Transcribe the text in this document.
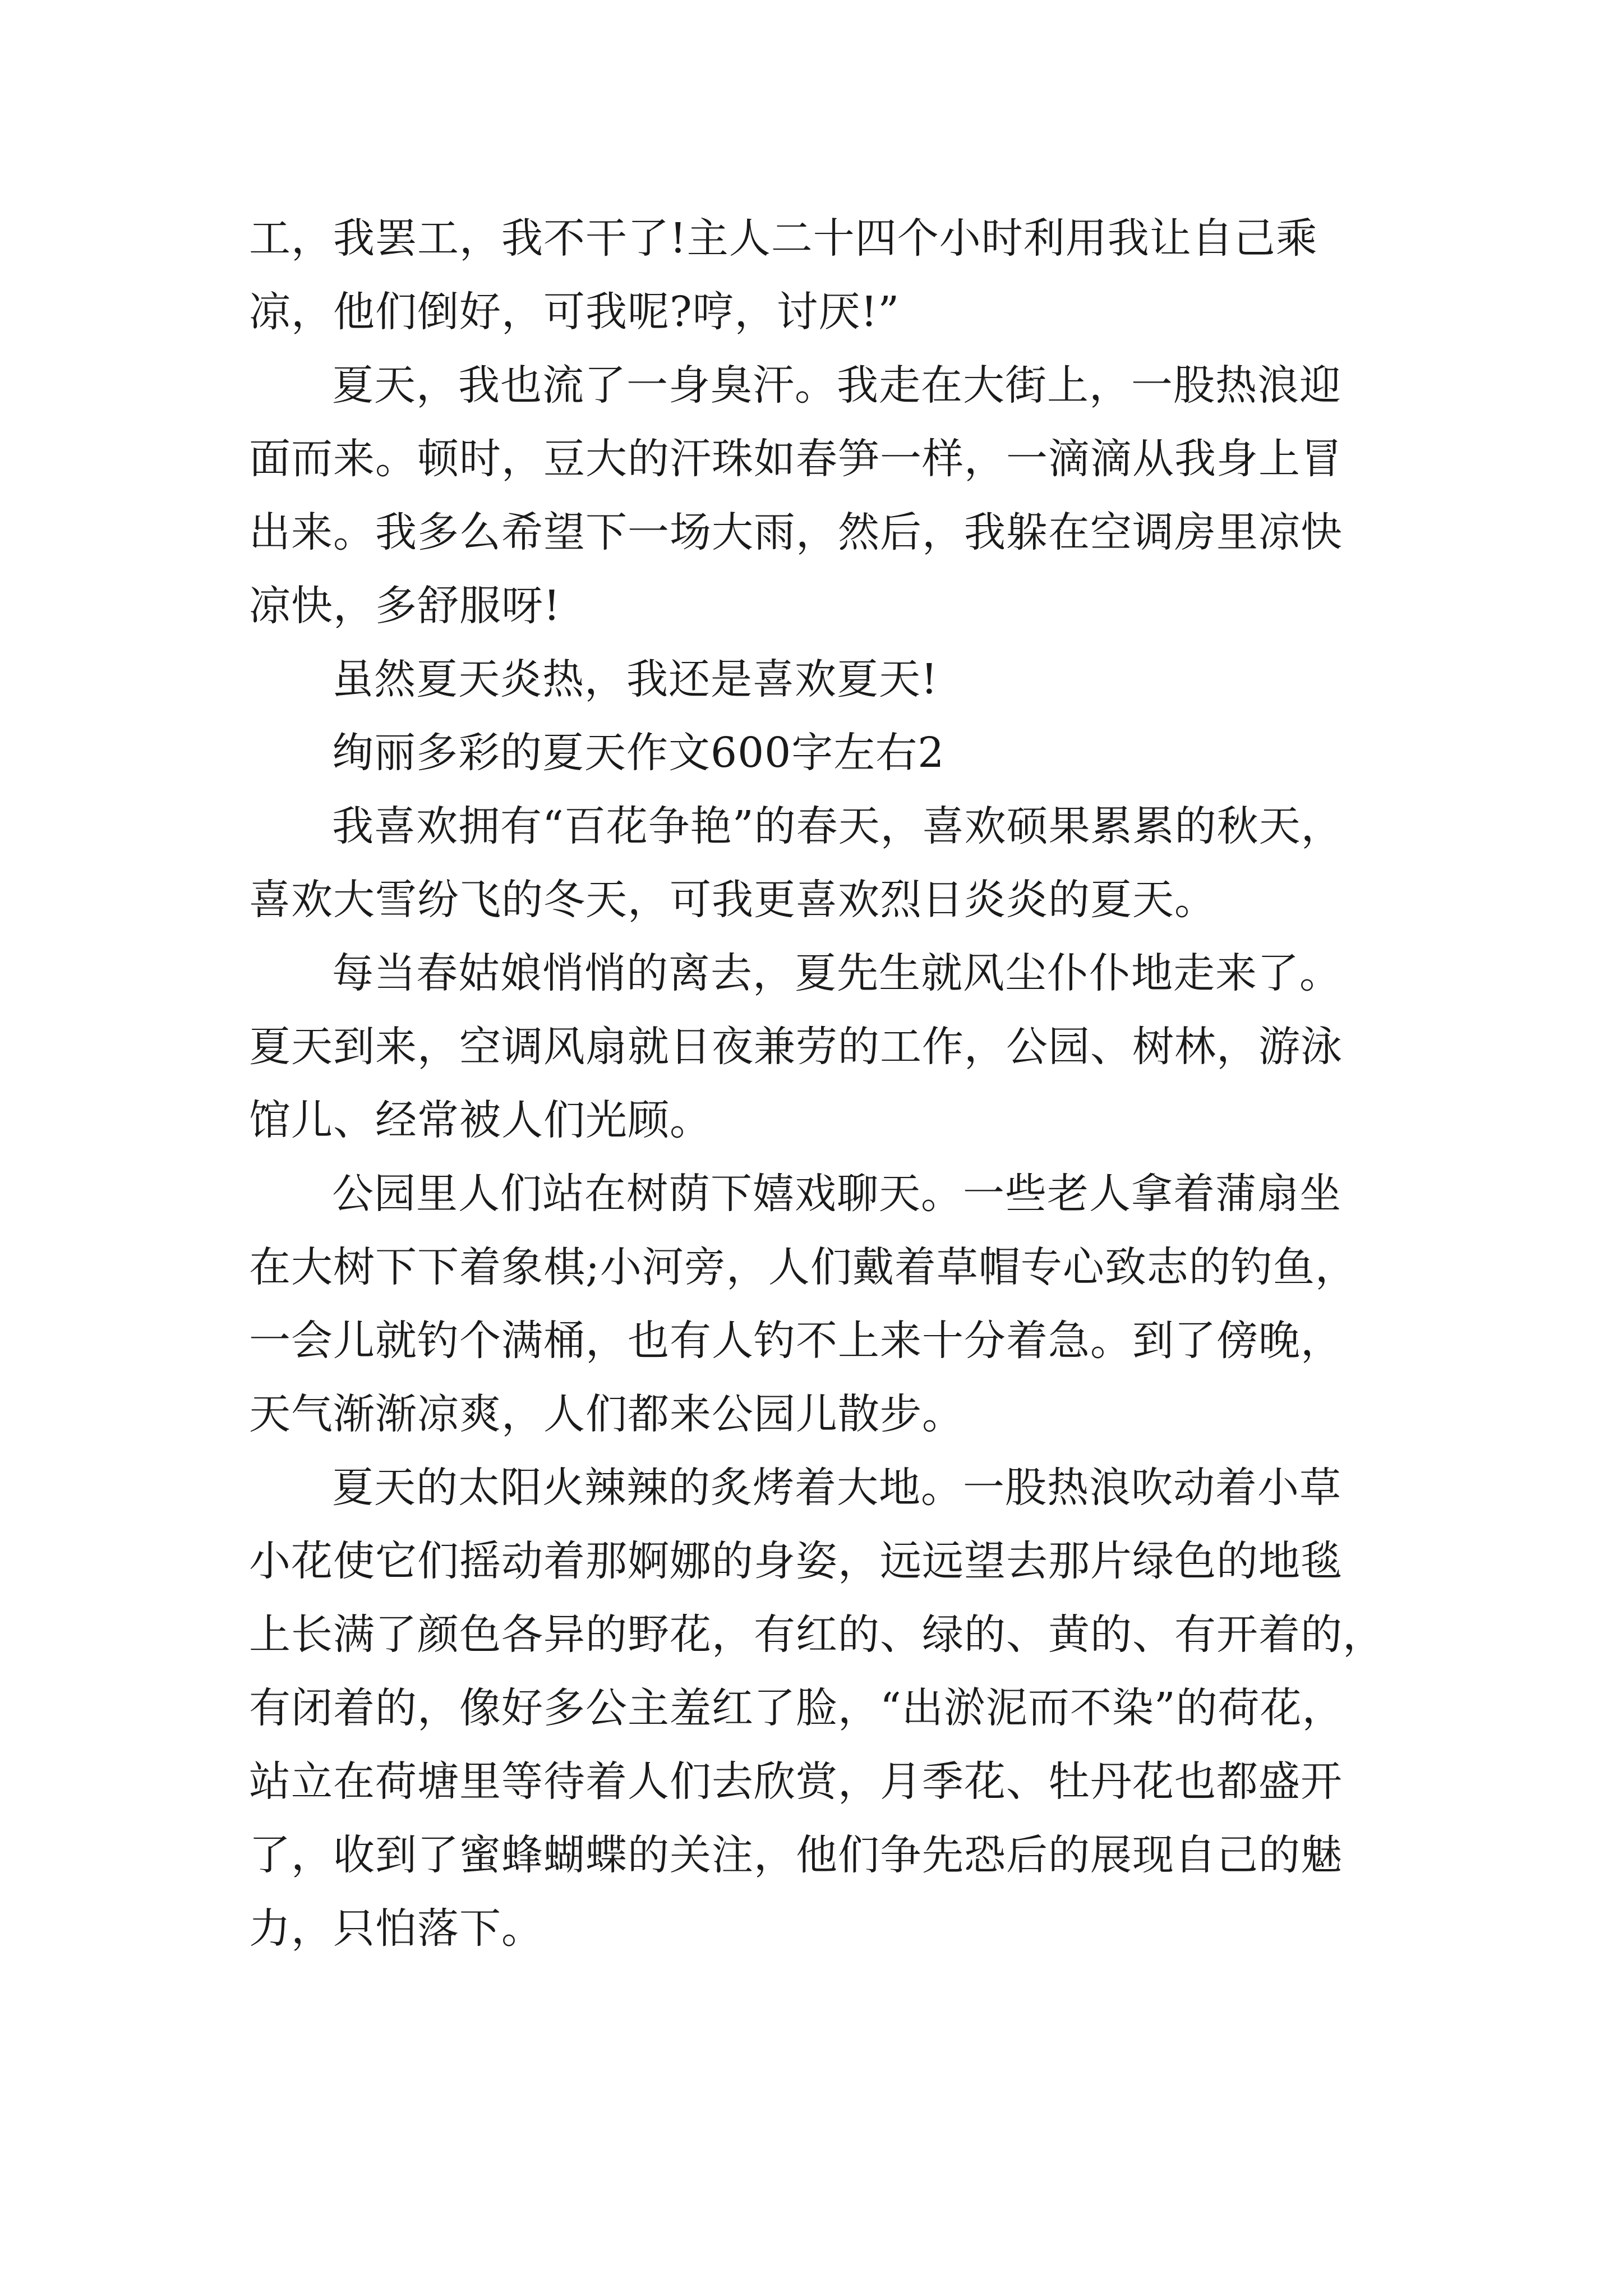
工，我罢工，我不干了!主人二十四个小时利用我让自己乘
凉，他们倒好，可我呢?哼，讨厌!”

夏天，我也流了一身臭汗。我走在大街上，一股热浪迎
面而来。顿时，豆大的汗珠如春笋一样，一滴滴从我身上冒
出来。我多么希望下一场大雨，然后，我躲在空调房里凉快
凉快，多舒服呀!

虽然夏天炎热，我还是喜欢夏天!

绚丽多彩的夏天作文600字左右2

我喜欢拥有“百花争艳”的春天，喜欢硕果累累的秋天，
喜欢大雪纷飞的冬天，可我更喜欢烈日炎炎的夏天。

每当春姑娘悄悄的离去，夏先生就风尘仆仆地走来了。
夏天到来，空调风扇就日夜兼劳的工作，公园、树林，游泳
馆儿、经常被人们光顾。

公园里人们站在树荫下嬉戏聊天。一些老人拿着蒲扇坐
在大树下下着象棋;小河旁，人们戴着草帽专心致志的钓鱼，
一会儿就钓个满桶，也有人钓不上来十分着急。到了傍晚，
天气渐渐凉爽，人们都来公园儿散步。

夏天的太阳火辣辣的炙烤着大地。一股热浪吹动着小草
小花使它们摇动着那婀娜的身姿，远远望去那片绿色的地毯
上长满了颜色各异的野花，有红的、绿的、黄的、有开着的，
有闭着的，像好多公主羞红了脸，“出淤泥而不染”的荷花，
站立在荷塘里等待着人们去欣赏，月季花、牡丹花也都盛开
了，收到了蜜蜂蝴蝶的关注，他们争先恐后的展现自己的魅
力，只怕落下。
